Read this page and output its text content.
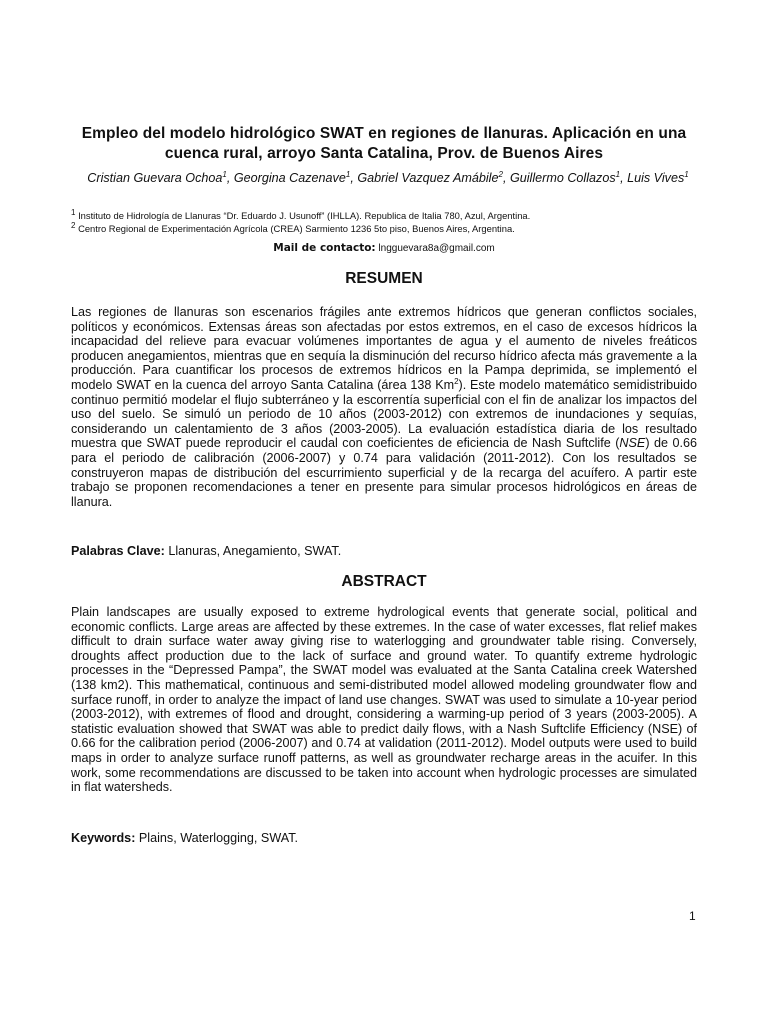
Empleo del modelo hidrológico SWAT en regiones de llanuras. Aplicación en una cuenca rural, arroyo Santa Catalina, Prov. de Buenos Aires
Cristian Guevara Ochoa$^1$, Georgina Cazenave$^1$, Gabriel Vazquez Amábile$^2$, Guillermo Collazos$^1$, Luis Vives$^1$
$^1$ Instituto de Hidrología de Llanuras “Dr. Eduardo J. Usunoff” (IHLLA). Republica de Italia 780, Azul, Argentina.
$^2$ Centro Regional de Experimentación Agrícola (CREA) Sarmiento 1236 5to piso, Buenos Aires, Argentina.
Mail de contacto: lngguevara8a@gmail.com
RESUMEN
Las regiones de llanuras son escenarios frágiles ante extremos hídricos que generan conflictos sociales, políticos y económicos. Extensas áreas son afectadas por estos extremos, en el caso de excesos hídricos la incapacidad del relieve para evacuar volúmenes importantes de agua y el aumento de niveles freáticos producen anegamientos, mientras que en sequía la disminución del recurso hídrico afecta más gravemente a la producción. Para cuantificar los procesos de extremos hídricos en la Pampa deprimida, se implementó el modelo SWAT en la cuenca del arroyo Santa Catalina (área 138 Km$^2$). Este modelo matemático semidistribuido continuo permitió modelar el flujo subterráneo y la escorrentía superficial con el fin de analizar los impactos del uso del suelo. Se simuló un periodo de 10 años (2003-2012) con extremos de inundaciones y sequías, considerando un calentamiento de 3 años (2003-2005). La evaluación estadística diaria de los resultado muestra que SWAT puede reproducir el caudal con coeficientes de eficiencia de Nash Suftclife (NSE) de 0.66 para el periodo de calibración (2006-2007) y 0.74 para validación (2011-2012). Con los resultados se construyeron mapas de distribución del escurrimiento superficial y de la recarga del acuífero. A partir este trabajo se proponen recomendaciones a tener en presente para simular procesos hidrológicos en áreas de llanura.
Palabras Clave: Llanuras, Anegamiento, SWAT.
ABSTRACT
Plain landscapes are usually exposed to extreme hydrological events that generate social, political and economic conflicts. Large areas are affected by these extremes. In the case of water excesses, flat relief makes difficult to drain surface water away giving rise to waterlogging and groundwater table rising. Conversely, droughts affect production due to the lack of surface and ground water. To quantify extreme hydrologic processes in the “Depressed Pampa”, the SWAT model was evaluated at the Santa Catalina creek Watershed (138 km2). This mathematical, continuous and semi-distributed model allowed modeling groundwater flow and surface runoff, in order to analyze the impact of land use changes. SWAT was used to simulate a 10-year period (2003-2012), with extremes of flood and drought, considering a warming-up period of 3 years (2003-2005). A statistic evaluation showed that SWAT was able to predict daily flows, with a Nash Suftclife Efficiency (NSE) of 0.66 for the calibration period (2006-2007) and 0.74 at validation (2011-2012). Model outputs were used to build maps in order to analyze surface runoff patterns, as well as groundwater recharge areas in the acuifer. In this work, some recommendations are discussed to be taken into account when hydrologic processes are simulated in flat watersheds.
Keywords: Plains, Waterlogging, SWAT.
1
